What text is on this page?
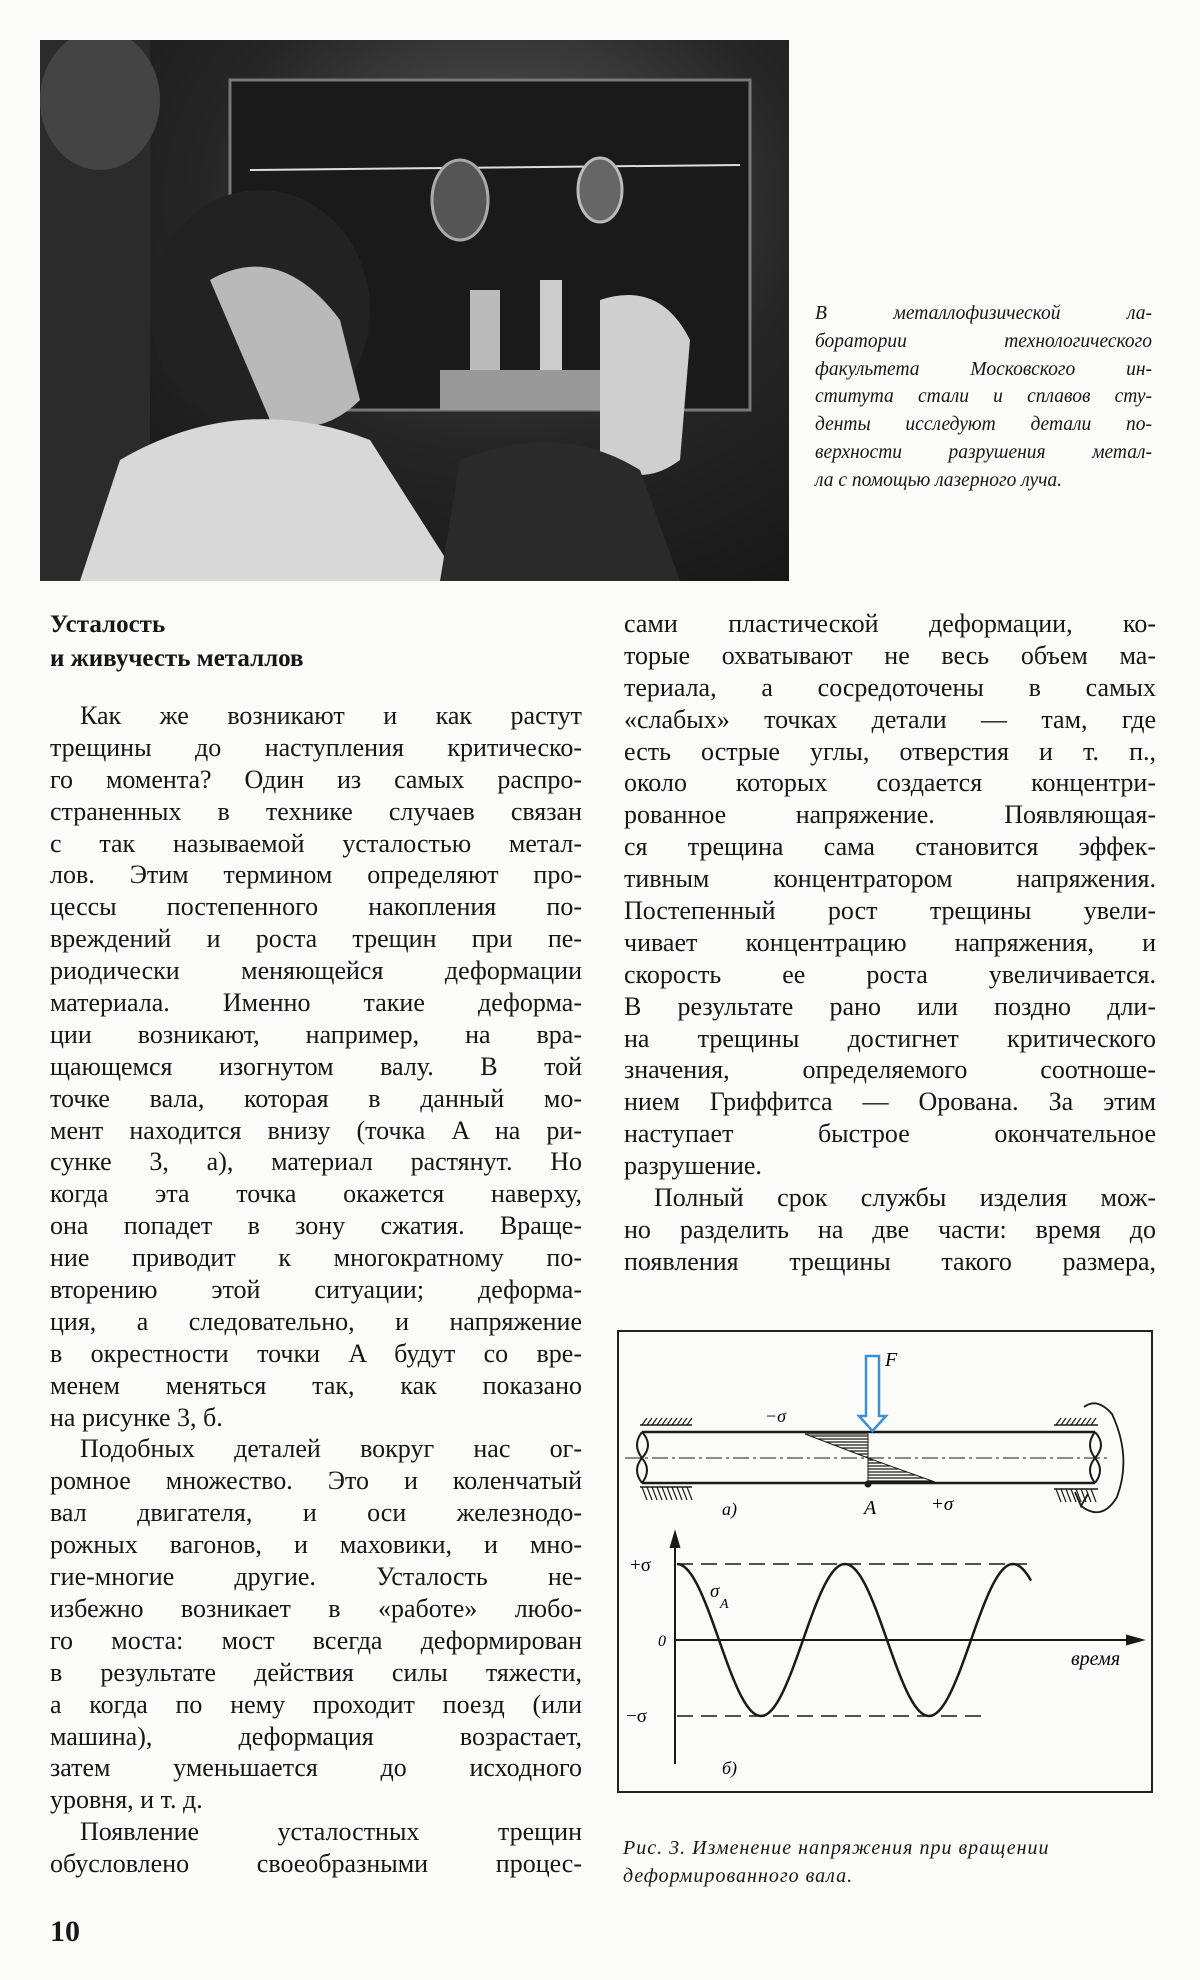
В металлофизической ла-
боратории технологического
факультета Московского ин-
ститута стали и сплавов сту-
денты исследуют детали по-
верхности разрушения метал-
ла с помощью лазерного луча.
Усталость
и живучесть металлов
Как же возникают и как растут
трещины до наступления критическо-
го момента? Один из самых распро-
страненных в технике случаев связан
с так называемой усталостью метал-
лов. Этим термином определяют про-
цессы постепенного накопления по-
вреждений и роста трещин при пе-
риодически меняющейся деформации
материала. Именно такие деформа-
ции возникают, например, на вра-
щающемся изогнутом валу. В той
точке вала, которая в данный мо-
мент находится внизу (точка A на ри-
сунке 3, а), материал растянут. Но
когда эта точка окажется наверху,
она попадет в зону сжатия. Враще-
ние приводит к многократному по-
вторению этой ситуации; деформа-
ция, а следовательно, и напряжение
в окрестности точки A будут со вре-
менем меняться так, как показано
на рисунке 3, б.
Подобных деталей вокруг нас ог-
ромное множество. Это и коленчатый
вал двигателя, и оси железнодо-
рожных вагонов, и маховики, и мно-
гие-многие другие. Усталость не-
избежно возникает в «работе» любо-
го моста: мост всегда деформирован
в результате действия силы тяжести,
а когда по нему проходит поезд (или
машина), деформация возрастает,
затем уменьшается до исходного
уровня, и т. д.
Появление усталостных трещин
обусловлено своеобразными процес-
сами пластической деформации, ко-
торые охватывают не весь объем ма-
териала, а сосредоточены в самых
«слабых» точках детали — там, где
есть острые углы, отверстия и т. п.,
около которых создается концентри-
рованное напряжение. Появляющая-
ся трещина сама становится эффек-
тивным концентратором напряжения.
Постепенный рост трещины увели-
чивает концентрацию напряжения, и
скорость ее роста увеличивается.
В результате рано или поздно дли-
на трещины достигнет критического
значения, определяемого соотноше-
нием Гриффитса — Орована. За этим
наступает быстрое окончательное
разрушение.
Полный срок службы изделия мож-
но разделить на две части: время до
появления трещины такого размера,
F
−σ
A	+σ
а)
+σ
0
−σ
σ
A
время
б)
Рис. 3. Изменение напряжения при вращении
деформированного вала.
10
